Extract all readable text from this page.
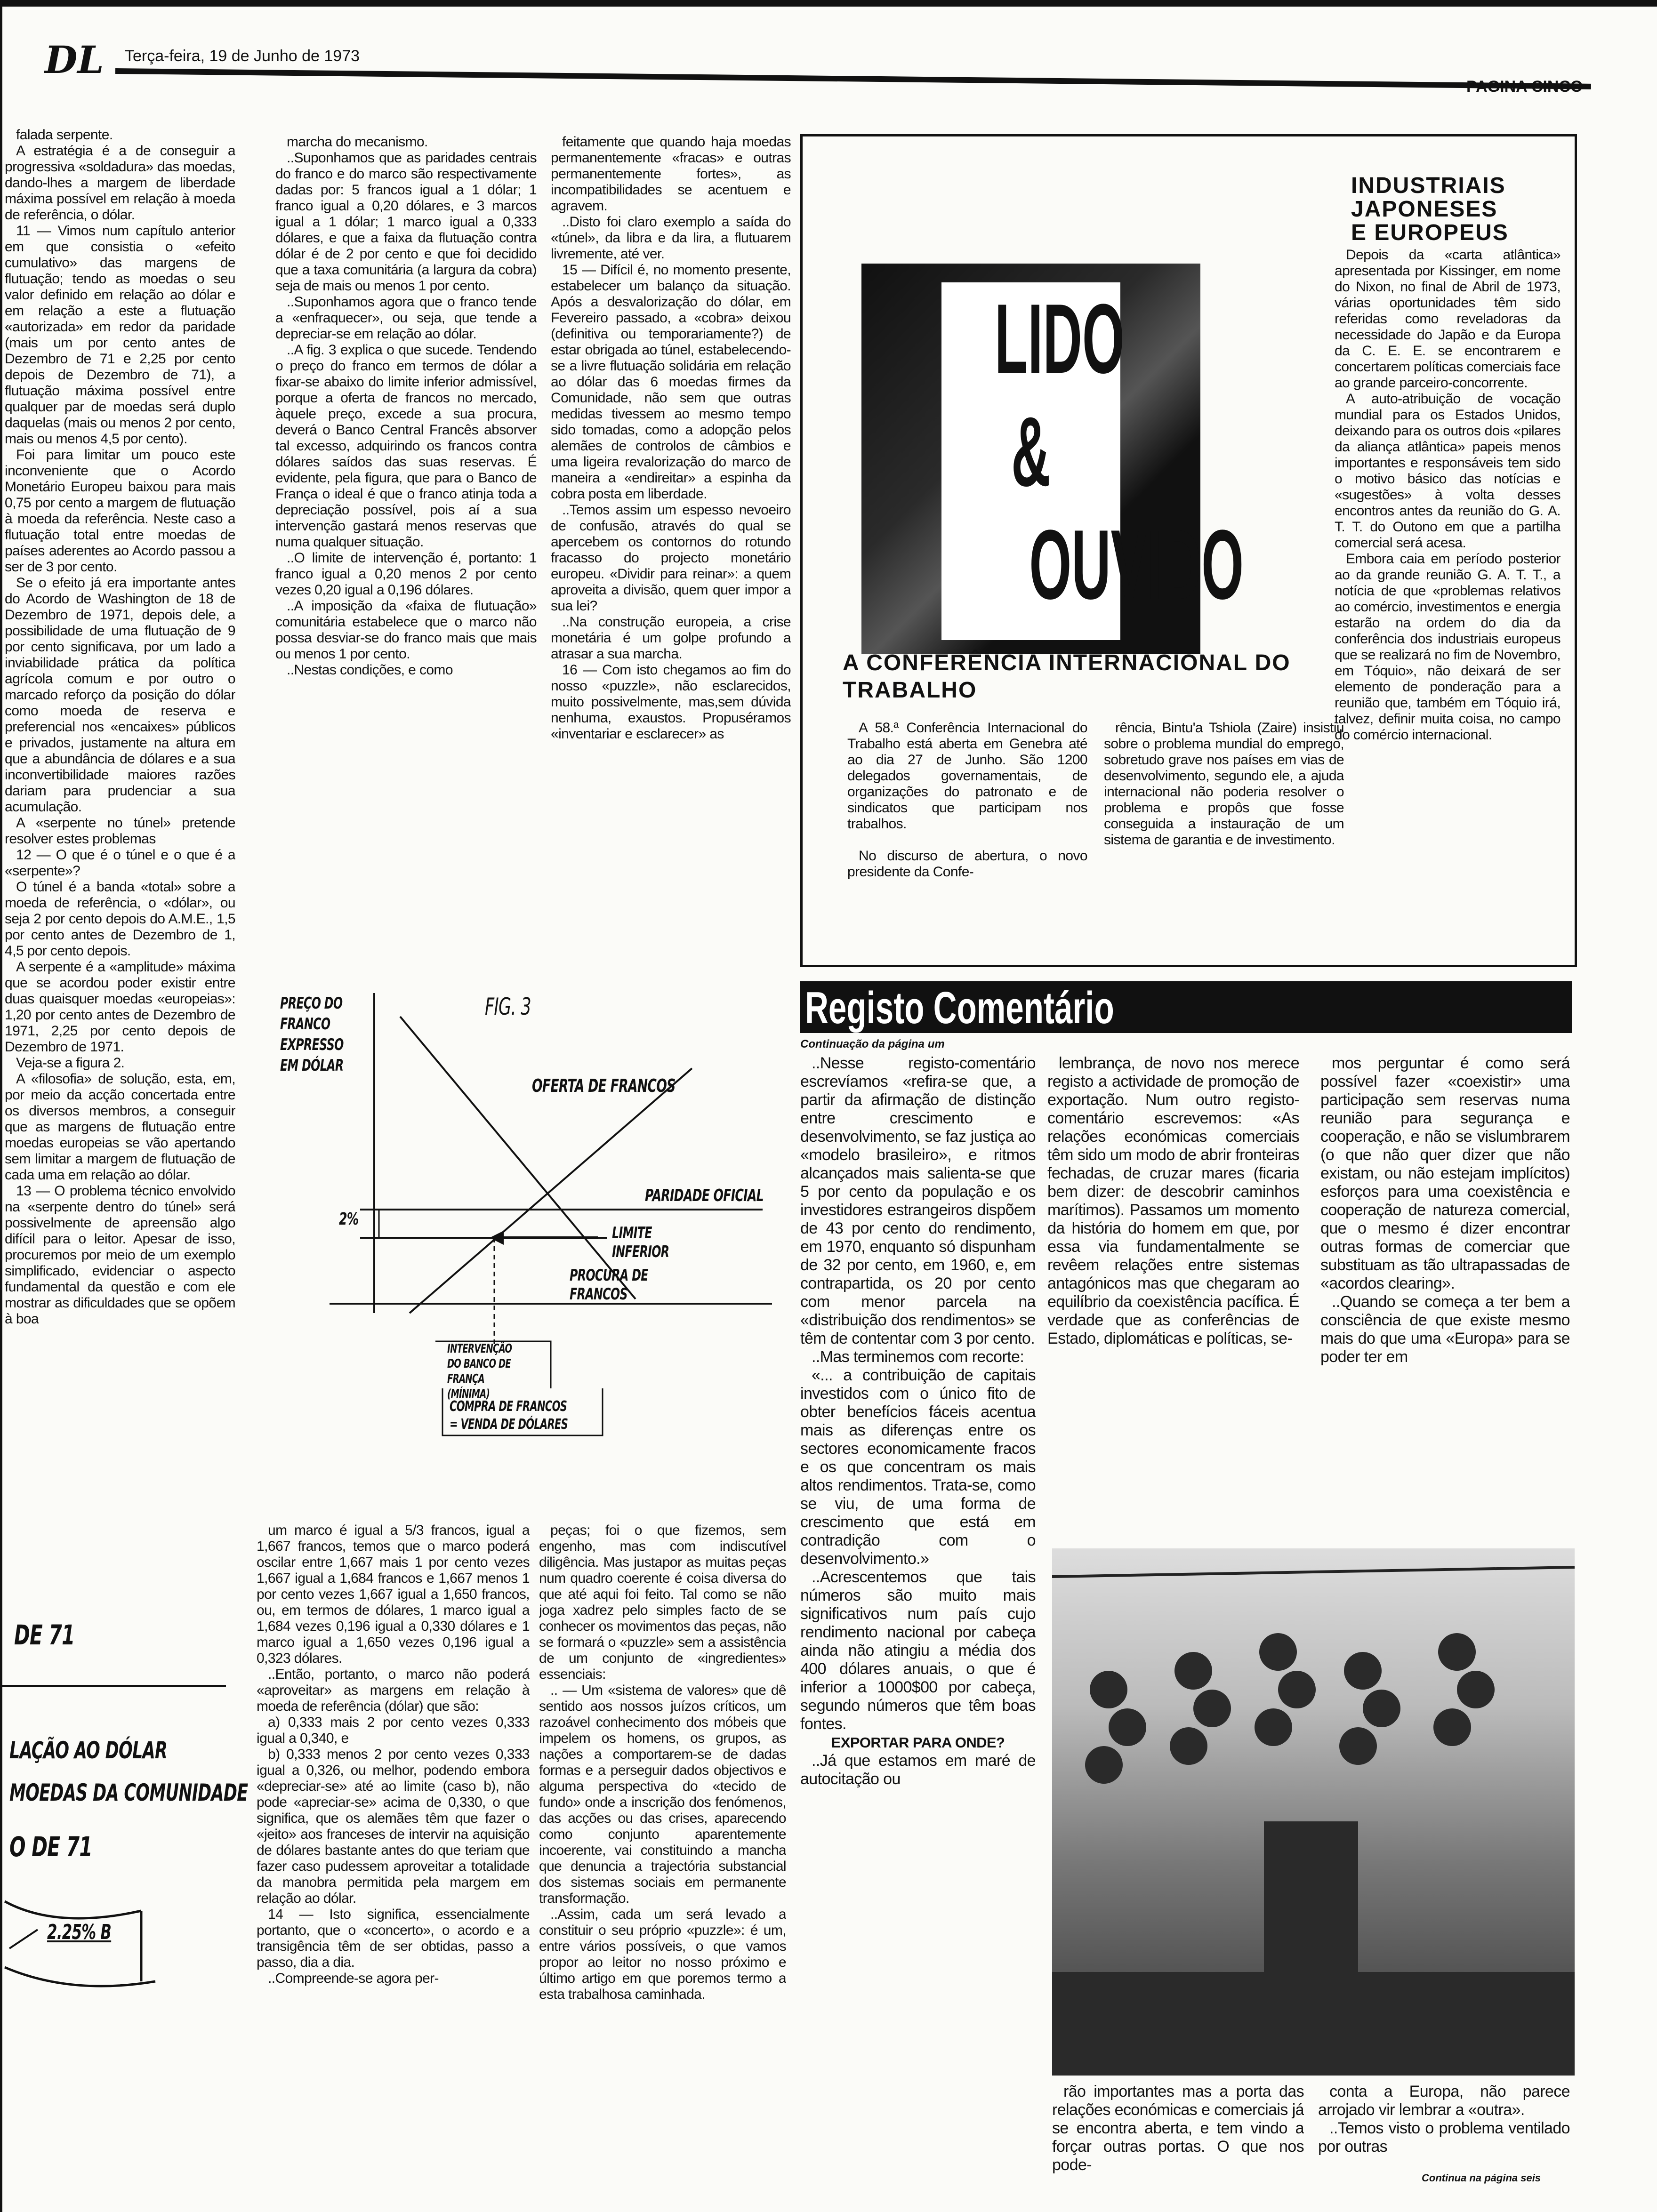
DL Terça-feira, 19 de Junho de 1973
PAGINA CINCO

falada serpente.

A estratégia é a de conseguir a progressiva «soldadura» das moedas, dando-lhes a margem de liberdade máxima possível em relação à moeda de referência, o dólar.

11 — Vimos num capítulo anterior em que consistia o «efeito cumulativo» das margens de flutuação; tendo as moedas o seu valor definido em relação ao dólar e em relação a este a flutuação «autorizada» em redor da paridade (mais um por cento antes de Dezembro de 71 e 2,25 por cento depois de Dezembro de 71), a flutuação máxima possível entre qualquer par de moedas será duplo daquelas (mais ou menos 2 por cento, mais ou menos 4,5 por cento).

Foi para limitar um pouco este inconveniente que o Acordo Monetário Europeu baixou para mais 0,75 por cento a margem de flutuação à moeda da referência. Neste caso a flutuação total entre moedas de países aderentes ao Acordo passou a ser de 3 por cento.

Se o efeito já era importante antes do Acordo de Washington de 18 de Dezembro de 1971, depois dele, a possibilidade de uma flutuação de 9 por cento significava, por um lado a inviabilidade prática da política agrícola comum e por outro o marcado reforço da posição do dólar como moeda de reserva e preferencial nos «encaixes» públicos e privados, justamente na altura em que a abundância de dólares e a sua inconvertibilidade maiores razões dariam para prudenciar a sua acumulação.

A «serpente no túnel» pretende resolver estes problemas

12 — O que é o túnel e o que é a «serpente»?

O túnel é a banda «total» sobre a moeda de referência, o «dólar», ou seja 2 por cento depois do A.M.E., 1,5 por cento antes de Dezembro de 1, 4,5 por cento depois.

A serpente é a «amplitude» máxima que se acordou poder existir entre duas quaisquer moedas «europeias»: 1,20 por cento antes de Dezembro de 1971, 2,25 por cento depois de Dezembro de 1971.

Veja-se a figura 2.

A «filosofia» de solução, esta, em, por meio da acção concertada entre os diversos membros, a conseguir que as margens de flutuação entre moedas europeias se vão apertando sem limitar a margem de flutuação de cada uma em relação ao dólar.

13 — O problema técnico envolvido na «serpente dentro do túnel» será possivelmente de apreensão algo difícil para o leitor. Apesar de isso, procuremos por meio de um exemplo simplificado, evidenciar o aspecto fundamental da questão e com ele mostrar as dificuldades que se opõem à boa

DE 71
LAÇÃO AO DÓLAR
MOEDAS DA COMUNIDADE
O DE 71
2.25% B

marcha do mecanismo.

..Suponhamos que as paridades centrais do franco e do marco são respectivamente dadas por: 5 francos igual a 1 dólar; 1 franco igual a 0,20 dólares, e 3 marcos igual a 1 dólar; 1 marco igual a 0,333 dólares, e que a faixa da flutuação contra dólar é de 2 por cento e que foi decidido que a taxa comunitária (a largura da cobra) seja de mais ou menos 1 por cento.

..Suponhamos agora que o franco tende a «enfraquecer», ou seja, que tende a depreciar-se em relação ao dólar.

..A fig. 3 explica o que sucede. Tendendo o preço do franco em termos de dólar a fixar-se abaixo do limite inferior admissível, porque a oferta de francos no mercado, àquele preço, excede a sua procura, deverá o Banco Central Francês absorver tal excesso, adquirindo os francos contra dólares saídos das suas reservas. É evidente, pela figura, que para o Banco de França o ideal é que o franco atinja toda a depreciação possível, pois aí a sua intervenção gastará menos reservas que numa qualquer situação.

..O limite de intervenção é, portanto: 1 franco igual a 0,20 menos 2 por cento vezes 0,20 igual a 0,196 dólares.

..A imposição da «faixa de flutuação» comunitária estabelece que o marco não possa desviar-se do franco mais que mais ou menos 1 por cento.

..Nestas condições, e como

feitamente que quando haja moedas permanentemente «fracas» e outras permanentemente fortes», as incompatibilidades se acentuem e agravem.

..Disto foi claro exemplo a saída do «túnel», da libra e da lira, a flutuarem livremente, até ver.

15 — Difícil é, no momento presente, estabelecer um balanço da situação. Após a desvalorização do dólar, em Fevereiro passado, a «cobra» deixou (definitiva ou temporariamente?) de estar obrigada ao túnel, estabelecendo-se a livre flutuação solidária em relação ao dólar das 6 moedas firmes da Comunidade, não sem que outras medidas tivessem ao mesmo tempo sido tomadas, como a adopção pelos alemães de controlos de câmbios e uma ligeira revalorização do marco de maneira a «endireitar» a espinha da cobra posta em liberdade.

..Temos assim um espesso nevoeiro de confusão, através do qual se apercebem os contornos do rotundo fracasso do projecto monetário europeu. «Dividir para reinar»: a quem aproveita a divisão, quem quer impor a sua lei?

..Na construção europeia, a crise monetária é um golpe profundo a atrasar a sua marcha.

16 — Com isto chegamos ao fim do nosso «puzzle», não esclarecidos, muito possivelmente, mas,sem dúvida nenhuma, exaustos. Propuséramos «inventariar e esclarecer» as

LIDO
&
OUVIDO
A CONFERÊNCIA INTERNACIONAL DO TRABALHO

A 58.ª Conferência Internacional do Trabalho está aberta em Genebra até ao dia 27 de Junho. São 1200 delegados governamentais, de organizações do patronato e de sindicatos que participam nos trabalhos.

No discurso de abertura, o novo presidente da Confe-

rência, Bintu'a Tshiola (Zaire) insistiu sobre o problema mundial do emprego, sobretudo grave nos países em vias de desenvolvimento, segundo ele, a ajuda internacional não poderia resolver o problema e propôs que fosse conseguida a instauração de um sistema de garantia e de investimento.

INDUSTRIAIS JAPONESES E EUROPEUS

Depois da «carta atlântica» apresentada por Kissinger, em nome do Nixon, no final de Abril de 1973, várias oportunidades têm sido referidas como reveladoras da necessidade do Japão e da Europa da C. E. E. se encontrarem e concertarem políticas comerciais face ao grande parceiro-concorrente.

A auto-atribuição de vocação mundial para os Estados Unidos, deixando para os outros dois «pilares da aliança atlântica» papeis menos importantes e responsáveis tem sido o motivo básico das notícias e «sugestões» à volta desses encontros antes da reunião do G. A. T. T. do Outono em que a partilha comercial será acesa.

Embora caia em período posterior ao da grande reunião G. A. T. T., a notícia de que «problemas relativos ao comércio, investimentos e energia estarão na ordem do dia da conferência dos industriais europeus que se realizará no fim de Novembro, em Tóquio», não deixará de ser elemento de ponderação para a reunião que, também em Tóquio irá, talvez, definir muita coisa, no campo do comércio internacional.

PREÇO DO
FRANCO
EXPRESSO
EM DÓLAR
FIG. 3
OFERTA DE FRANCOS
PARIDADE OFICIAL
2%
LIMITE
INFERIOR
PROCURA DE
FRANCOS
INTERVENÇÃO
DO BANCO DE
FRANÇA
(MÍNIMA)
COMPRA DE FRANCOS
= VENDA DE DÓLARES

um marco é igual a 5/3 francos, igual a 1,667 francos, temos que o marco poderá oscilar entre 1,667 mais 1 por cento vezes 1,667 igual a 1,684 francos e 1,667 menos 1 por cento vezes 1,667 igual a 1,650 francos, ou, em termos de dólares, 1 marco igual a 1,684 vezes 0,196 igual a 0,330 dólares e 1 marco igual a 1,650 vezes 0,196 igual a 0,323 dólares.

..Então, portanto, o marco não poderá «aproveitar» as margens em relação à moeda de referência (dólar) que são:

a) 0,333 mais 2 por cento vezes 0,333 igual a 0,340, e

b) 0,333 menos 2 por cento vezes 0,333 igual a 0,326, ou melhor, podendo embora «depreciar-se» até ao limite (caso b), não pode «apreciar-se» acima de 0,330, o que significa, que os alemães têm que fazer o «jeito» aos franceses de intervir na aquisição de dólares bastante antes do que teriam que fazer caso pudessem aproveitar a totalidade da manobra permitida pela margem em relação ao dólar.

14 — Isto significa, essencialmente portanto, que o «concerto», o acordo e a transigência têm de ser obtidas, passo a passo, dia a dia.

..Compreende-se agora per-

peças; foi o que fizemos, sem engenho, mas com indiscutível diligência. Mas justapor as muitas peças num quadro coerente é coisa diversa do que até aqui foi feito. Tal como se não joga xadrez pelo simples facto de se conhecer os movimentos das peças, não se formará o «puzzle» sem a assistência de um conjunto de «ingredientes» essenciais:

.. — Um «sistema de valores» que dê sentido aos nossos juízos críticos, um razoável conhecimento dos móbeis que impelem os homens, os grupos, as nações a comportarem-se de dadas formas e a perseguir dados objectivos e alguma perspectiva do «tecido de fundo» onde a inscrição dos fenómenos, das acções ou das crises, aparecendo como conjunto aparentemente incoerente, vai constituindo a mancha que denuncia a trajectória substancial dos sistemas sociais em permanente transformação.

..Assim, cada um será levado a constituir o seu próprio «puzzle»: é um, entre vários possíveis, o que vamos propor ao leitor no nosso próximo e último artigo em que poremos termo a esta trabalhosa caminhada.

Registo Comentário
Continuação da página um

..Nesse registo-comentário escrevíamos «refira-se que, a partir da afirmação de distinção entre crescimento e desenvolvimento, se faz justiça ao «modelo brasileiro», e ritmos alcançados mais salienta-se que 5 por cento da população e os investidores estrangeiros dispõem de 43 por cento do rendimento, em 1970, enquanto só dispunham de 32 por cento, em 1960, e, em contrapartida, os 20 por cento com menor parcela na «distribuição dos rendimentos» se têm de contentar com 3 por cento.

..Mas terminemos com recorte:

«... a contribuição de capitais investidos com o único fito de obter benefícios fáceis acentua mais as diferenças entre os sectores economicamente fracos e os que concentram os mais altos rendimentos. Trata-se, como se viu, de uma forma de crescimento que está em contradição com o desenvolvimento.»

..Acrescentemos que tais números são muito mais significativos num país cujo rendimento nacional por cabeça ainda não atingiu a média dos 400 dólares anuais, o que é inferior a 1000$00 por cabeça, segundo números que têm boas fontes.

EXPORTAR PARA ONDE?

..Já que estamos em maré de autocitação ou

lembrança, de novo nos merece registo a actividade de promoção de exportação. Num outro registo-comentário escrevemos: «As relações económicas comerciais têm sido um modo de abrir fronteiras fechadas, de cruzar mares (ficaria bem dizer: de descobrir caminhos marítimos). Passamos um momento da história do homem em que, por essa via fundamentalmente se revêem relações entre sistemas antagónicos mas que chegaram ao equilíbrio da coexistência pacífica. É verdade que as conferências de Estado, diplomáticas e políticas, se-

mos perguntar é como será possível fazer «coexistir» uma participação sem reservas numa reunião para segurança e cooperação, e não se vislumbrarem (o que não quer dizer que não existam, ou não estejam implícitos) esforços para uma coexistência e cooperação de natureza comercial, que o mesmo é dizer encontrar outras formas de comerciar que substituam as tão ultrapassadas de «acordos clearing».

..Quando se começa a ter bem a consciência de que existe mesmo mais do que uma «Europa» para se poder ter em

rão importantes mas a porta das relações económicas e comerciais já se encontra aberta, e tem vindo a forçar outras portas. O que nos pode-

conta a Europa, não parece arrojado vir lembrar a «outra».

..Temos visto o problema ventilado por outras

Continua na página seis
